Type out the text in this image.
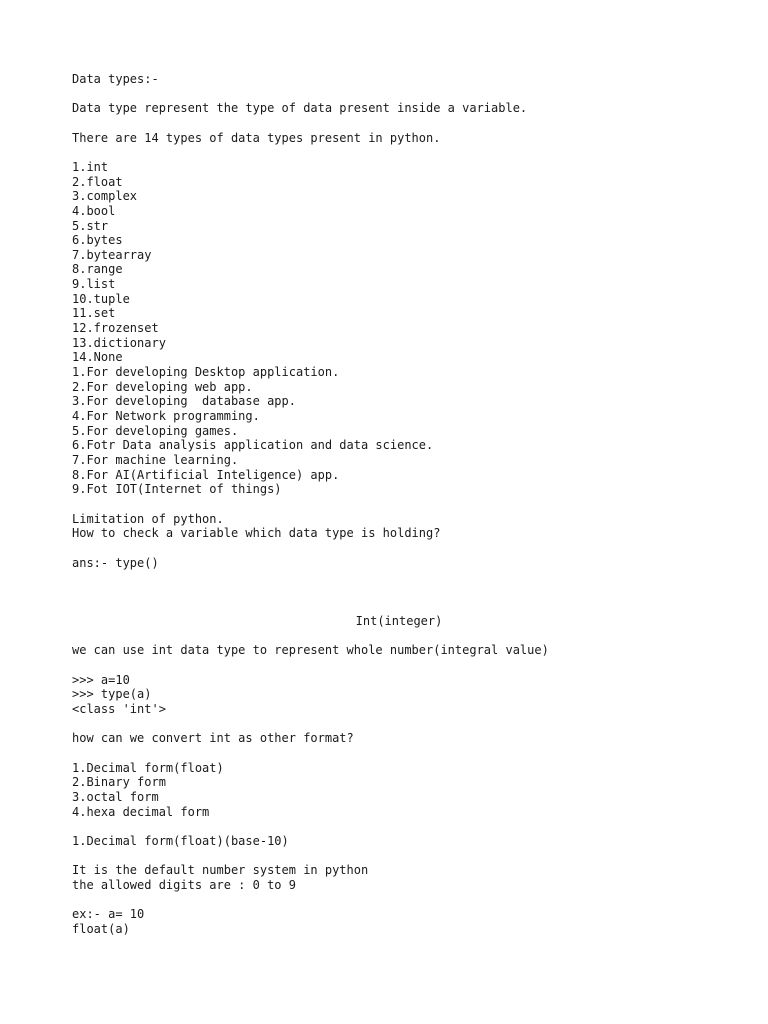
Data types:-
Data type represent the type of data present inside a variable.
There are 14 types of data types present in python.
1.int
2.float
3.complex
4.bool
5.str
6.bytes
7.bytearray
8.range
9.list
10.tuple
11.set
12.frozenset
13.dictionary
14.None
1.For developing Desktop application.
2.For developing web app.
3.For developing  database app.
4.For Network programming.
5.For developing games.
6.Fotr Data analysis application and data science.
7.For machine learning.
8.For AI(Artificial Inteligence) app.
9.Fot IOT(Internet of things)
Limitation of python.
How to check a variable which data type is holding?
ans:- type()
Int(integer)
we can use int data type to represent whole number(integral value)
>>> a=10
>>> type(a)
<class 'int'>
how can we convert int as other format?
1.Decimal form(float)
2.Binary form
3.octal form
4.hexa decimal form
1.Decimal form(float)(base-10)
It is the default number system in python
the allowed digits are : 0 to 9
ex:- a= 10
float(a)
